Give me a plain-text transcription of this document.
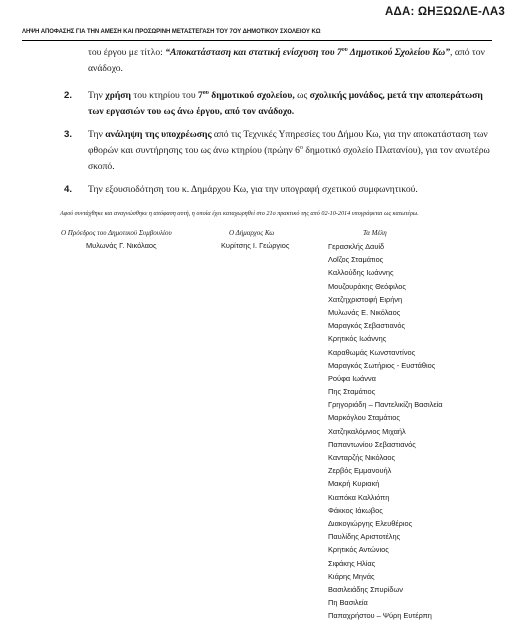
ΑΔΑ: ΩΗΞΩΩΛΕ-ΛΑ3
ΛΗΨΗ ΑΠΟΦΑΣΗΣ ΓΙΑ ΤΗΝ ΑΜΕΣΗ ΚΑΙ ΠΡΟΣΩΡΙΝΗ ΜΕΤΑΣΤΕΓΑΣΗ ΤΟΥ 7ΟΥ ΔΗΜΟΤΙΚΟΥ ΣΧΟΛΕΙΟΥ ΚΩ

του έργου με τίτλο: “Αποκατάσταση και στατική ενίσχυση του $7^{o\upsilon}$ Δημοτικού Σχολείου Κω”, από τον ανάδοχο.

2. Την χρήση του κτηρίου του $7^{o\upsilon}$ δημοτικού σχολείου, ως σχολικής μονάδος, μετά την αποπεράτωση των εργασιών του ως άνω έργου, από τον ανάδοχο.

3. Την ανάληψη της υποχρέωσης από τις Τεχνικές Υπηρεσίες του Δήμου Κω, για την αποκατάσταση των φθορών και συντήρησης του ως άνω κτηρίου (πρώην $6^o$ δημοτικό σχολείο Πλατανίου), για τον ανωτέρω σκοπό.

4. Την εξουσιοδότηση του κ. Δημάρχου Κω, για την υπογραφή σχετικού συμφωνητικού.

Αφού συντάχθηκε και αναγνώσθηκε η απόφαση αυτή, η οποία έχει καταχωρηθεί στο 21ο πρακτικό της από 02-10-2014 υπογράφεται ως κατωτέρω.
Ο Πρόεδρος του Δημοτικού Συμβουλίου
Μυλωνάς Γ. Νικόλαος
Ο Δήμαρχος Κω
Κυρίτσης Ι. Γεώργιος
Τα Μέλη
Γερασκλής Δαυίδ
Λοΐζος Σταμάτιος
Καλλούδης Ιωάννης
Μουζουράκης Θεόφιλος
Χατζηχριστοφή Ειρήνη
Μυλωνάς Ε. Νικόλαος
Μαραγκός Σεβαστιανός
Κρητικός Ιωάννης
Καραθωμάς Κωνσταντίνος
Μαραγκός Σωτήριος - Ευστάθιος
Ρούφα Ιωάννα
Πης Σταμάτιος
Γρηγοριάδη – Παντελικίζη Βασιλεία
Μαρκόγλου Σταμάτιος
Χατζηκαλόμνιος Μιχαήλ
Παπαντωνίου Σεβαστιανός
Κανταρζής Νικόλαος
Ζερβός Εμμανουήλ
Μακρή Κυριακή
Κιαπόκα Καλλιόπη
Φάκκος Ιάκωβος
Διακογιώργης Ελευθέριος
Παυλίδης Αριστοτέλης
Κρητικός Αντώνιος
Σιφάκης Ηλίας
Κιάρης Μηνάς
Βασιλειάδης Σπυρίδων
Πη Βασιλεία
Παπαχρήστου – Ψύρη Ευτέρπη
